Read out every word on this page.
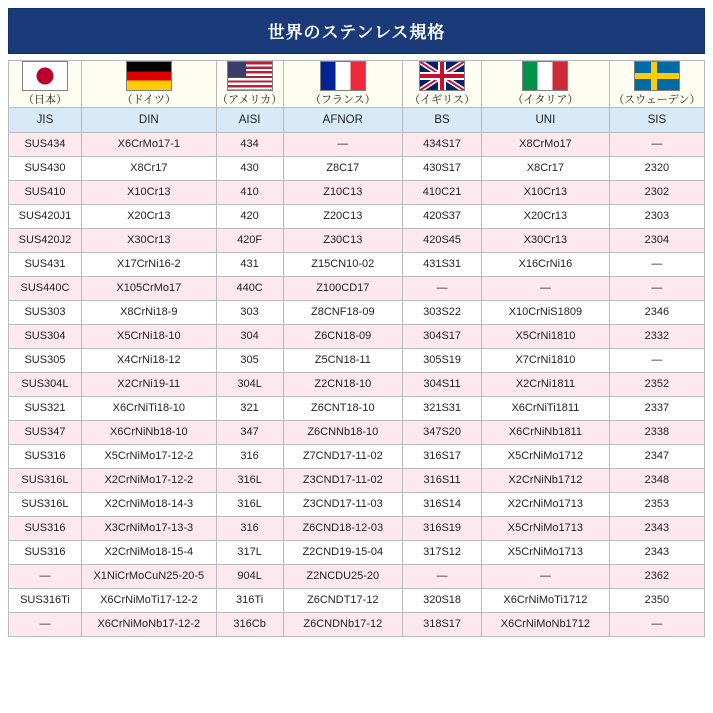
世界のステンレス規格
（日本）	（ドイツ）	（アメリカ）	（フランス）	（イギリス）	（イタリア）	（スウェーデン）

JIS	DIN	AISI	AFNOR	BS	UNI	SIS

SUS434	X6CrMo17-1	434	—	434S17	X8CrMo17	—

SUS430	X8Cr17	430	Z8C17	430S17	X8Cr17	2320

SUS410	X10Cr13	410	Z10C13	410C21	X10Cr13	2302

SUS420J1	X20Cr13	420	Z20C13	420S37	X20Cr13	2303

SUS420J2	X30Cr13	420F	Z30C13	420S45	X30Cr13	2304

SUS431	X17CrNi16-2	431	Z15CN10-02	431S31	X16CrNi16	—

SUS440C	X105CrMo17	440C	Z100CD17	—	—	—

SUS303	X8CrNi18-9	303	Z8CNF18-09	303S22	X10CrNiS1809	2346

SUS304	X5CrNi18-10	304	Z6CN18-09	304S17	X5CrNi1810	2332

SUS305	X4CrNi18-12	305	Z5CN18-11	305S19	X7CrNi1810	—

SUS304L	X2CrNi19-11	304L	Z2CN18-10	304S11	X2CrNi1811	2352

SUS321	X6CrNiTi18-10	321	Z6CNT18-10	321S31	X6CrNiTi1811	2337

SUS347	X6CrNiNb18-10	347	Z6CNNb18-10	347S20	X6CrNiNb1811	2338

SUS316	X5CrNiMo17-12-2	316	Z7CND17-11-02	316S17	X5CrNiMo1712	2347

SUS316L	X2CrNiMo17-12-2	316L	Z3CND17-11-02	316S11	X2CrNiNb1712	2348

SUS316L	X2CrNiMo18-14-3	316L	Z3CND17-11-03	316S14	X2CrNiMo1713	2353

SUS316	X3CrNiMo17-13-3	316	Z6CND18-12-03	316S19	X5CrNiMo1713	2343

SUS316	X2CrNiMo18-15-4	317L	Z2CND19-15-04	317S12	X5CrNiMo1713	2343

—	X1NiCrMoCuN25-20-5	904L	Z2NCDU25-20	—	—	2362

SUS316Ti	X6CrNiMoTi17-12-2	316Ti	Z6CNDT17-12	320S18	X6CrNiMoTi1712	2350

—	X6CrNiMoNb17-12-2	316Cb	Z6CNDNb17-12	318S17	X6CrNiMoNb1712	—
